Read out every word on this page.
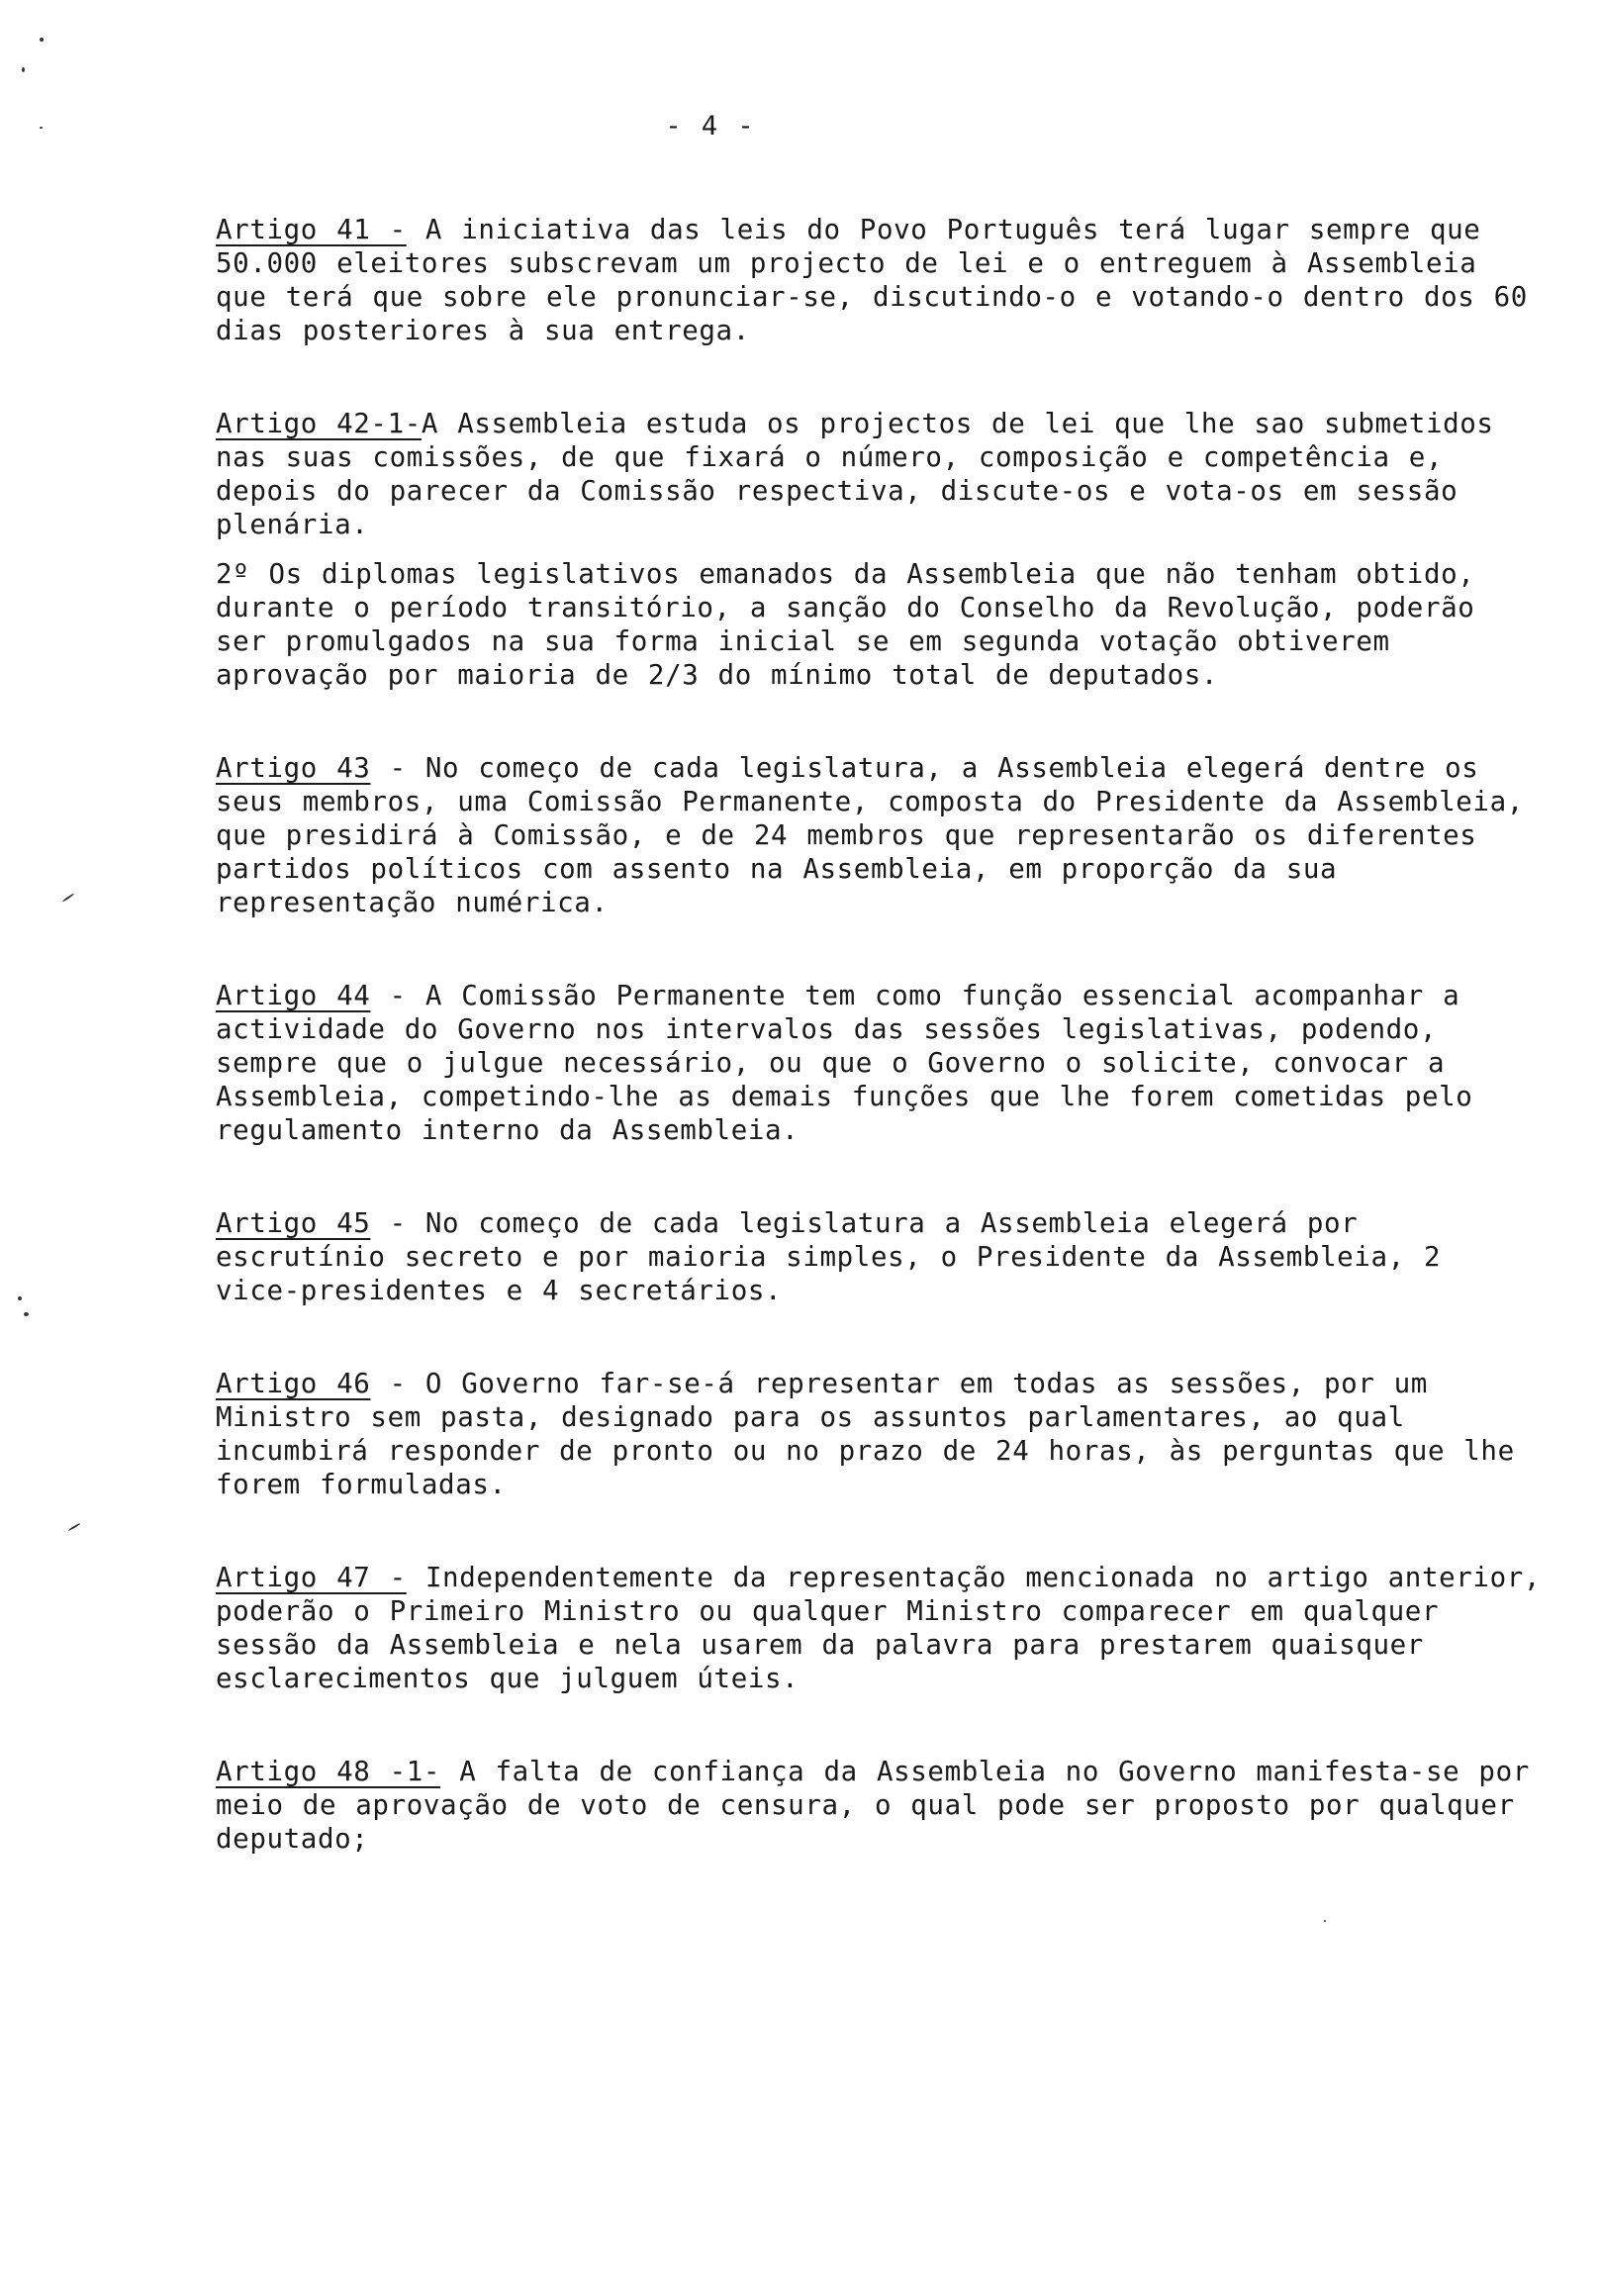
- 4 -
Artigo 41 - A iniciativa das leis do Povo Português terá lugar sempre que 50.000 eleitores subscrevam um projecto de lei e o entreguem à Assembleia que terá que sobre ele pronunciar-se, discutindo-o e votando-o dentro dos 60 dias posteriores à sua entrega.
Artigo 42-1-A Assembleia estuda os projectos de lei que lhe sao submetidos nas suas comissões, de que fixará o número, composição e competência e, depois do parecer da Comissão respectiva, discute-os e vota-os em sessão plenária.
2º Os diplomas legislativos emanados da Assembleia que não tenham obtido, durante o período transitório, a sanção do Conselho da Revolução, poderão ser promulgados na sua forma inicial se em segunda votação obtiverem aprovação por maioria de 2/3 do mínimo total de deputados.
Artigo 43 - No começo de cada legislatura, a Assembleia elegerá dentre os seus membros, uma Comissão Permanente, composta do Presidente da Assembleia, que presidirá à Comissão, e de 24 membros que representarão os diferentes partidos políticos com assento na Assembleia, em proporção da sua representação numérica.
Artigo 44 - A Comissão Permanente tem como função essencial acompanhar a actividade do Governo nos intervalos das sessões legislativas, podendo, sempre que o julgue necessário, ou que o Governo o solicite, convocar a Assembleia, competindo-lhe as demais funções que lhe forem cometidas pelo regulamento interno da Assembleia.
Artigo 45 - No começo de cada legislatura a Assembleia elegerá por escrutínio secreto e por maioria simples, o Presidente da Assembleia, 2 vice-presidentes e 4 secretários.
Artigo 46 - O Governo far-se-á representar em todas as sessões, por um Ministro sem pasta, designado para os assuntos parlamentares, ao qual incumbirá responder de pronto ou no prazo de 24 horas, às perguntas que lhe forem formuladas.
Artigo 47 - Independentemente da representação mencionada no artigo anterior, poderão o Primeiro Ministro ou qualquer Ministro comparecer em qualquer sessão da Assembleia e nela usarem da palavra para prestarem quaisquer esclarecimentos que julguem úteis.
Artigo 48 -1- A falta de confiança da Assembleia no Governo manifesta-se por meio de aprovação de voto de censura, o qual pode ser proposto por qualquer deputado;
